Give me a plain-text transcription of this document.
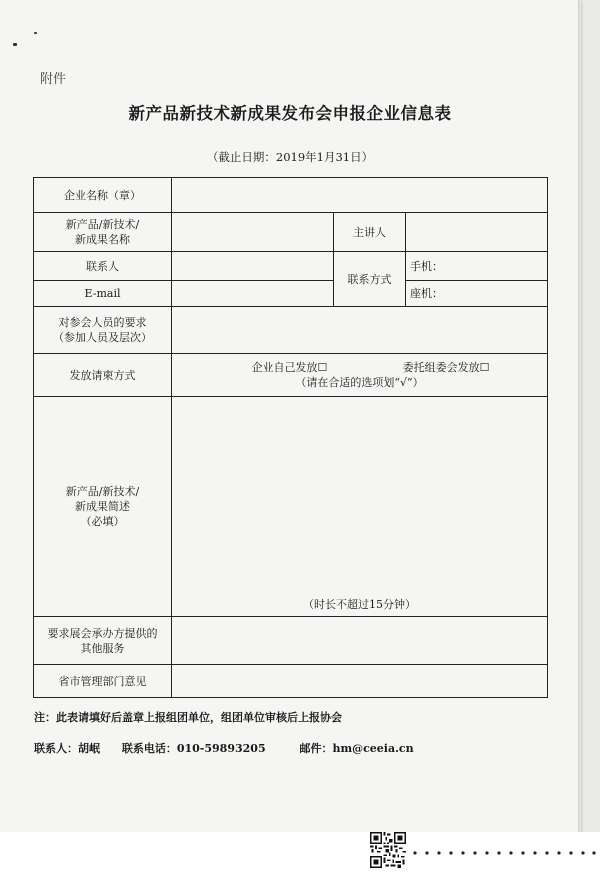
附件
新产品新技术新成果发布会申报企业信息表
（截止日期：2019年1月31日）
企业名称（章）			

新产品/新技术/
新成果名称		主讲人	
联系人		联系方式	手机：
E-mail			座机：

对参会人员的要求
（参加人员及层次）			

发放请柬方式	企业自己发放☐ 委托组委会发放☐
（请在合适的选项划“√”）		

新产品/新技术/
新成果简述
（必填）	（时长不超过15分钟）		

要求展会承办方提供的
其他服务			

省市管理部门意见			
注：此表请填好后盖章上报组团单位，组团单位审核后上报协会
联系人：胡岷 联系电话：010-59893205	邮件：hm@ceeia.cn
